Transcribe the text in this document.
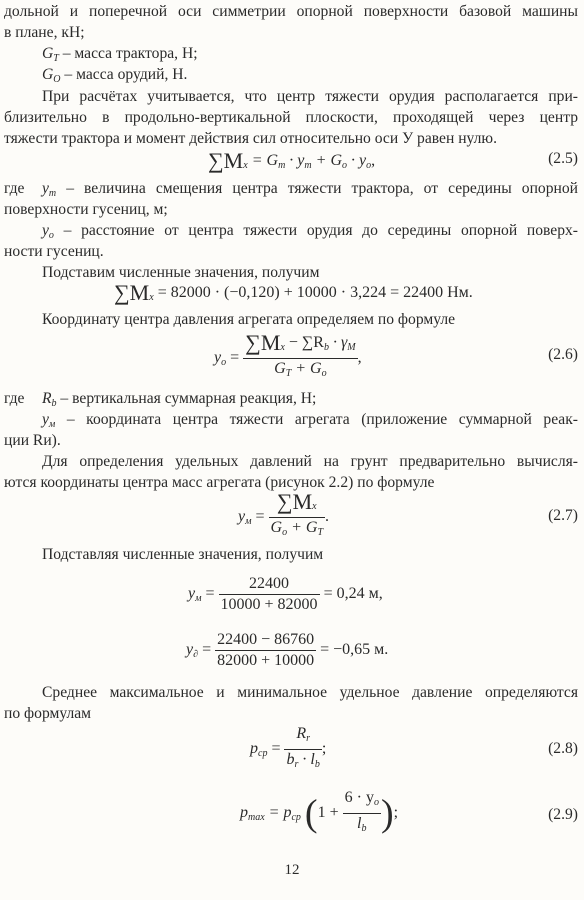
дольной и поперечной оси симметрии опорной поверхности базовой машины
в плане, кН;
$G_T$ – масса трактора, Н;
$G_O$ – масса орудий, Н.
При расчётах учитывается, что центр тяжести орудия располагается при-
близительно в продольно-вертикальной плоскости, проходящей через центр
тяжести трактора и момент действия сил относительно оси У равен нулю.
$\sum M_x = G_m \cdot y_m + G_o \cdot y_o$,	(2.5)
где $y_m$ – величина смещения центра тяжести трактора, от середины опорной
поверхности гусениц, м;
$y_o$ – расстояние от центра тяжести орудия до середины опорной поверх-
ности гусениц.
Подставим численные значения, получим
$\sum M_x = 82000 \cdot (-0,120) + 10000 \cdot 3,224 = 22400$ Нм.
Координату центра давления агрегата определяем по формуле
$y_o = \frac{\sum M_x - \sum R_b \cdot \gamma_M}{G_T + G_o}$ ,	(2.6)
где $R_b$ – вертикальная суммарная реакция, Н;
$y_м$ – координата центра тяжести агрегата (приложение суммарной реак-
ции Rи).
Для определения удельных давлений на грунт предварительно вычисля-
ются координаты центра масс агрегата (рисунок 2.2) по формуле
$y_м = \frac{\sum M_x}{G_o + G_T}$ .	(2.7)
Подставляя численные значения, получим
$y_м = \frac{22400}{10000 + 82000} = 0,24$ м,
$y_\partial = \frac{22400 - 86760}{82000 + 10000} = -0,65$ м.
Среднее максимальное и минимальное удельное давление определяются
по формулам
$p_{cp} = \frac{R_r}{b_r \cdot l_b}$ ;	(2.8)
$p_{max} = p_{cp}$ ($1 + \frac{6 \cdot y_o}{l_b}$ );	(2.9)
12
